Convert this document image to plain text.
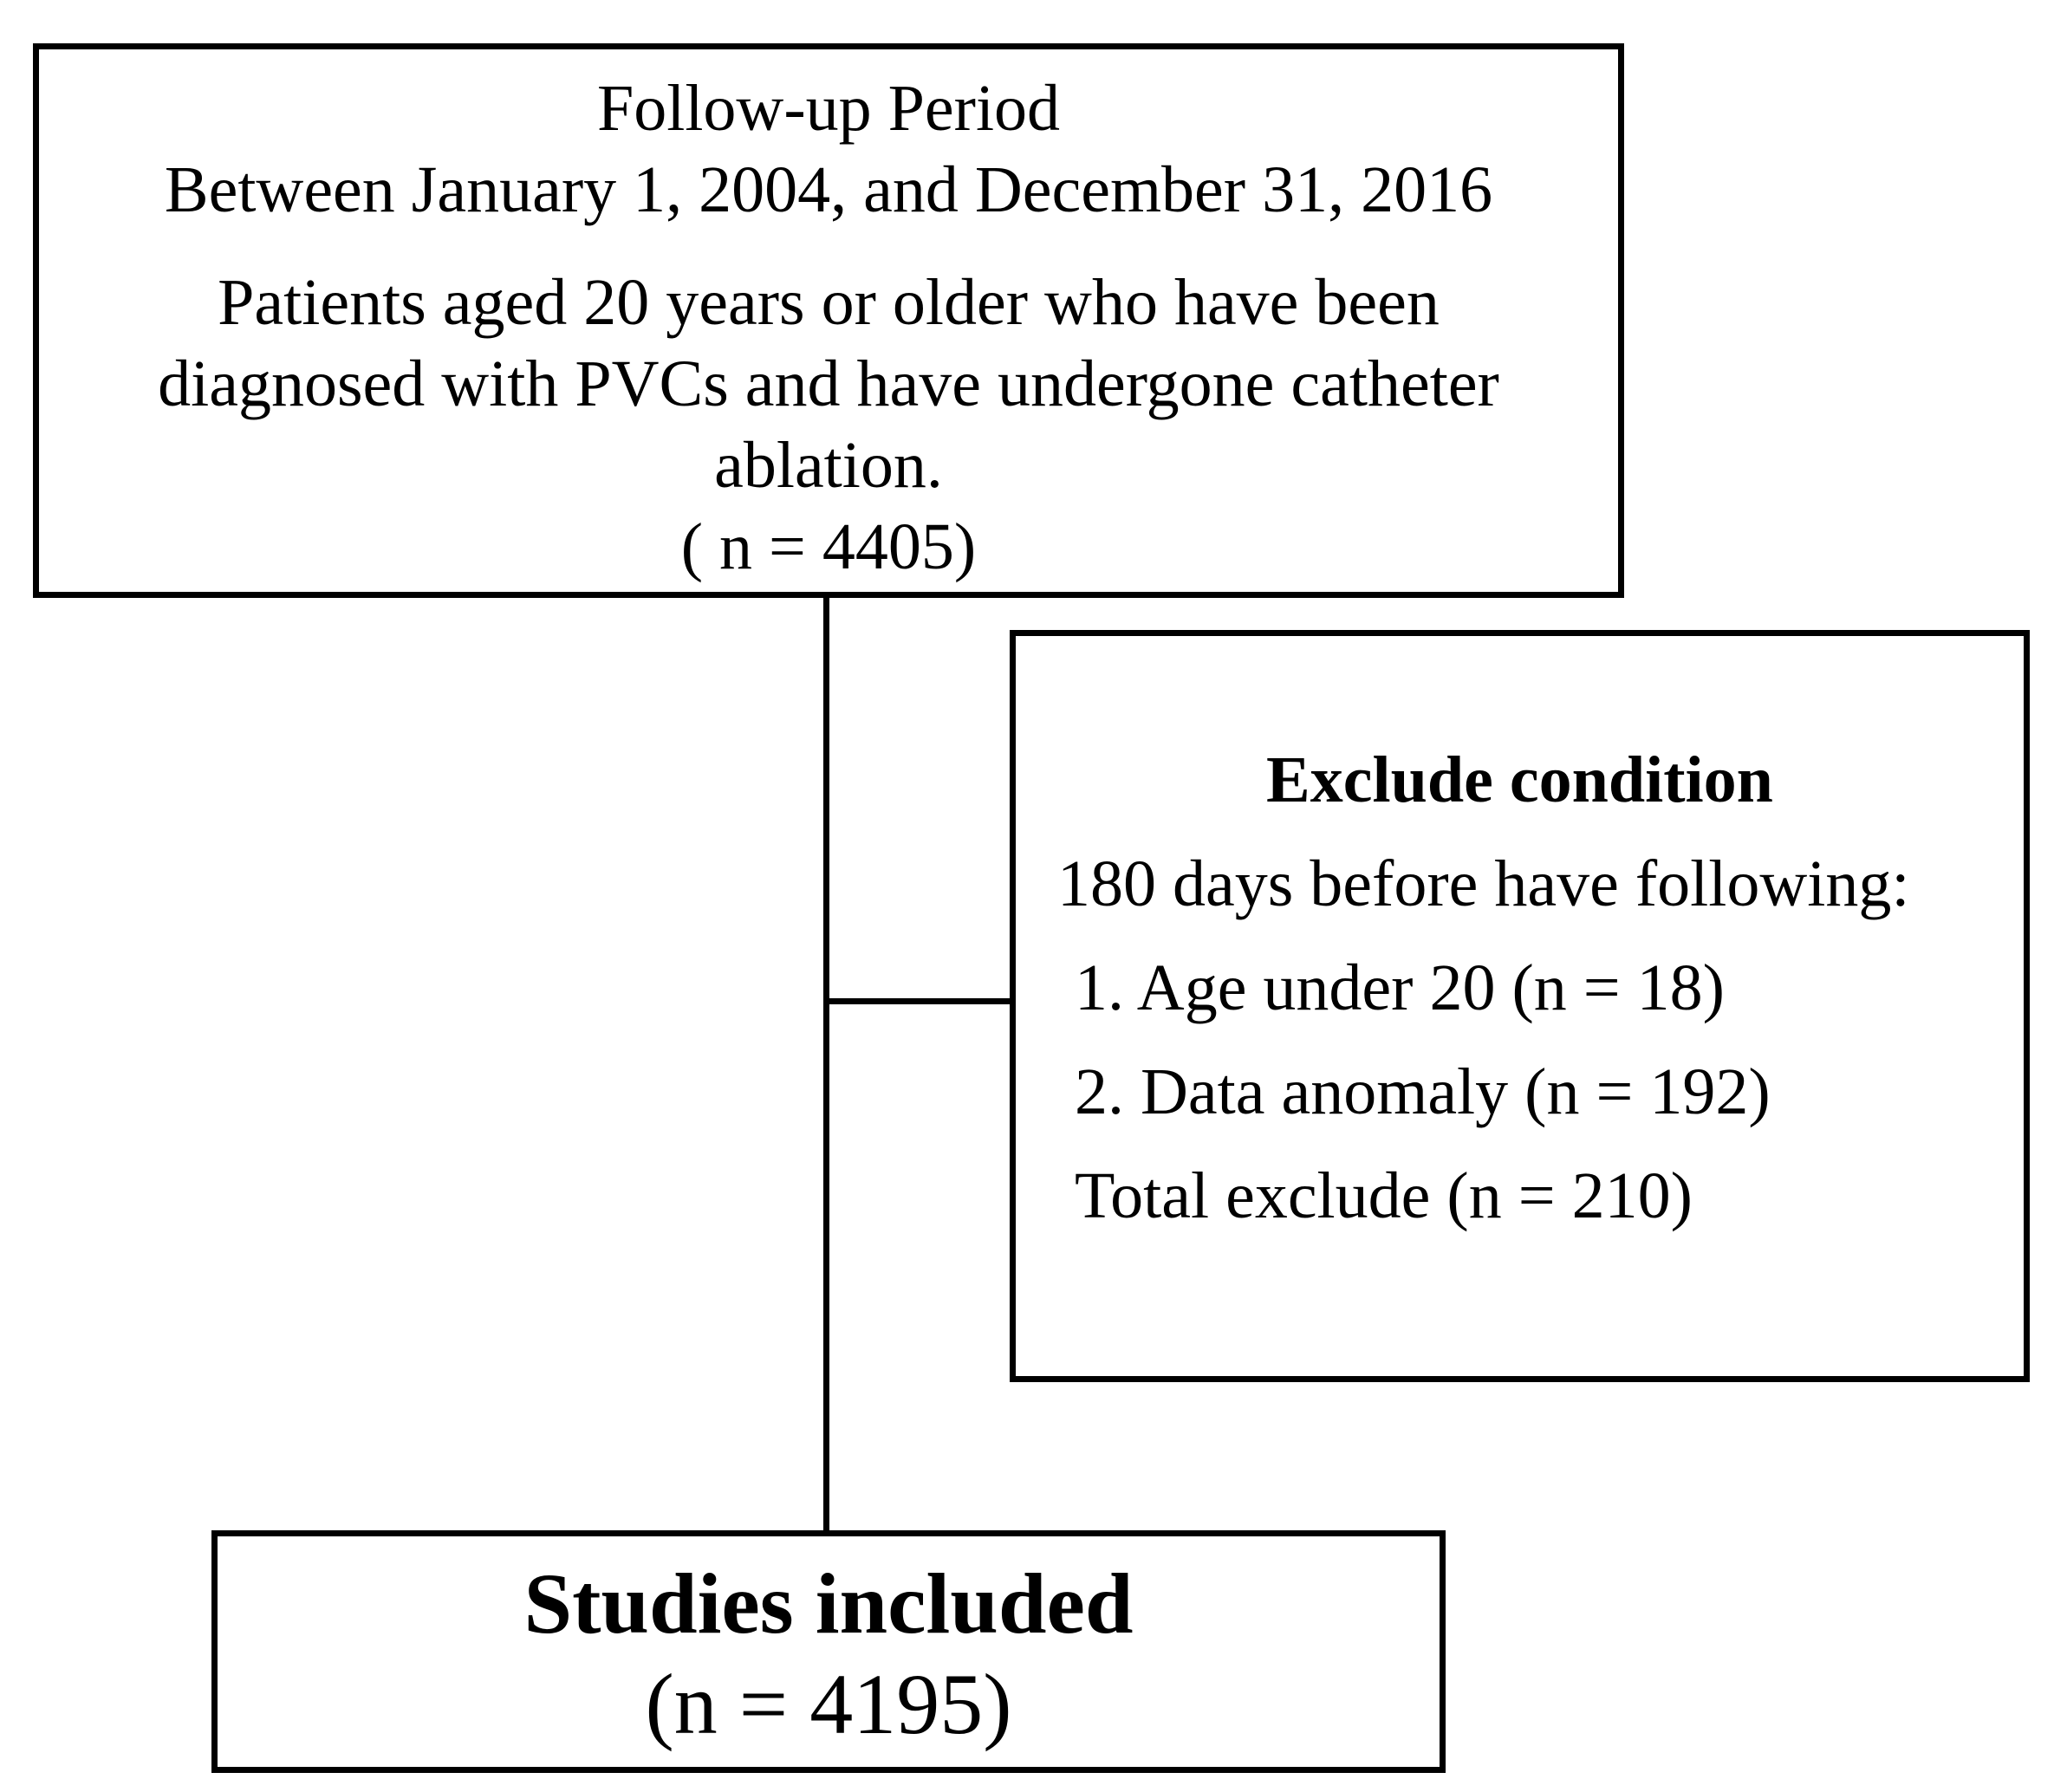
Follow-up Period
Between January 1, 2004, and December 31, 2016
Patients aged 20 years or older who have been
diagnosed with PVCs and have undergone catheter
ablation.
( n = 4405)
Exclude condition
180 days before have following:
1. Age under 20 (n = 18)
2. Data anomaly (n = 192)
Total exclude (n = 210)
Studies included
(n = 4195)
